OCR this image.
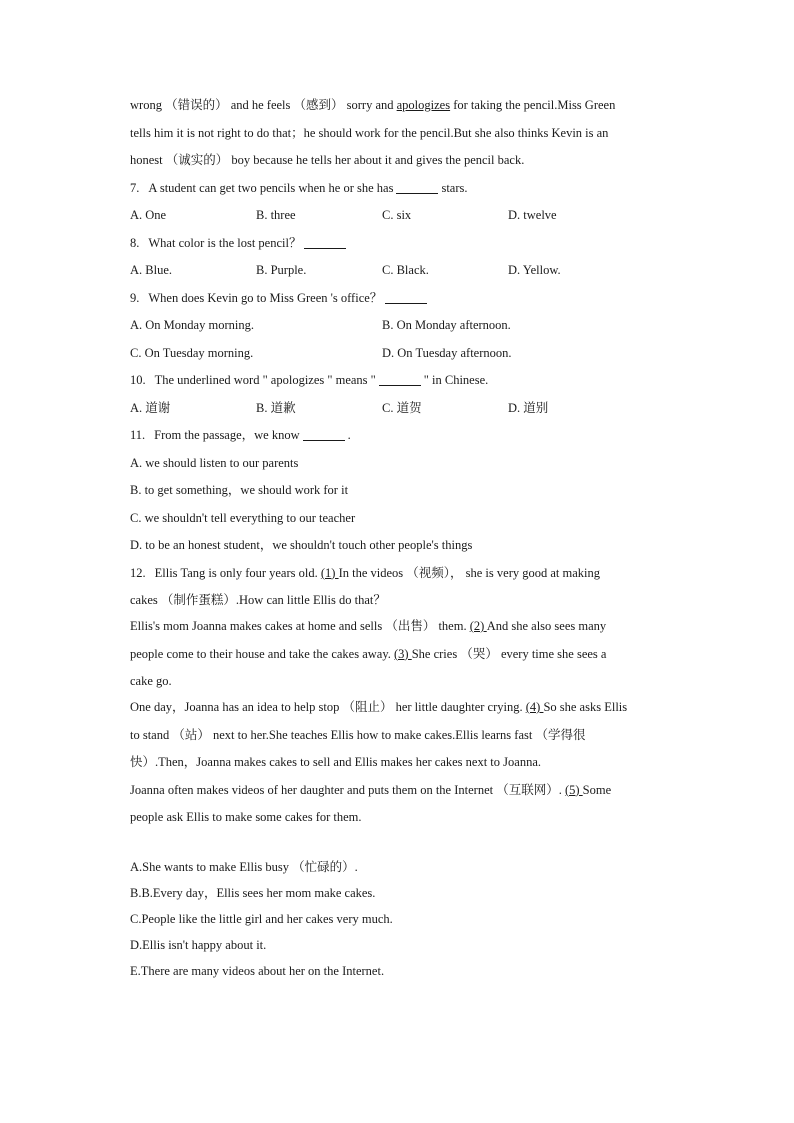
wrong （错误的） and he feels （感到） sorry and apologizes for taking the pencil.Miss Green
tells him it is not right to do that；he should work for the pencil.But she also thinks Kevin is an
honest （诚实的） boy because he tells her about it and gives the pencil back.
7. A student can get two pencils when he or she has	stars.
A. One	B. three	C. six	D. twelve
8. What color is the lost pencil？
A. Blue.	B. Purple.	C. Black.	D. Yellow.
9. When does Kevin go to Miss Green 's office？
A. On Monday morning.	B. On Monday afternoon.
C. On Tuesday morning.	D. On Tuesday afternoon.
10. The underlined word " apologizes " means "	" in Chinese.
A. 道谢	B. 道歉	C. 道贺	D. 道别
11. From the passage，we know	.
A. we should listen to our parents
B. to get something，we should work for it
C. we shouldn't tell everything to our teacher
D. to be an honest student，we shouldn't touch other people's things
12. Ellis Tang is only four years old. (1) In the videos （视频）， she is very good at making
cakes （制作蛋糕）.How can little Ellis do that？
Ellis's mom Joanna makes cakes at home and sells （出售） them. (2) And she also sees many
people come to their house and take the cakes away. (3) She cries （哭） every time she sees a
cake go.
One day，Joanna has an idea to help stop （阻止） her little daughter crying. (4) So she asks Ellis
to stand （站） next to her.She teaches Ellis how to make cakes.Ellis learns fast （学得很
快）.Then，Joanna makes cakes to sell and Ellis makes her cakes next to Joanna.
Joanna often makes videos of her daughter and puts them on the Internet （互联网）. (5) Some
people ask Ellis to make some cakes for them.
A.She wants to make Ellis busy （忙碌的）.
B.B.Every day，Ellis sees her mom make cakes.
C.People like the little girl and her cakes very much.
D.Ellis isn't happy about it.
E.There are many videos about her on the Internet.
